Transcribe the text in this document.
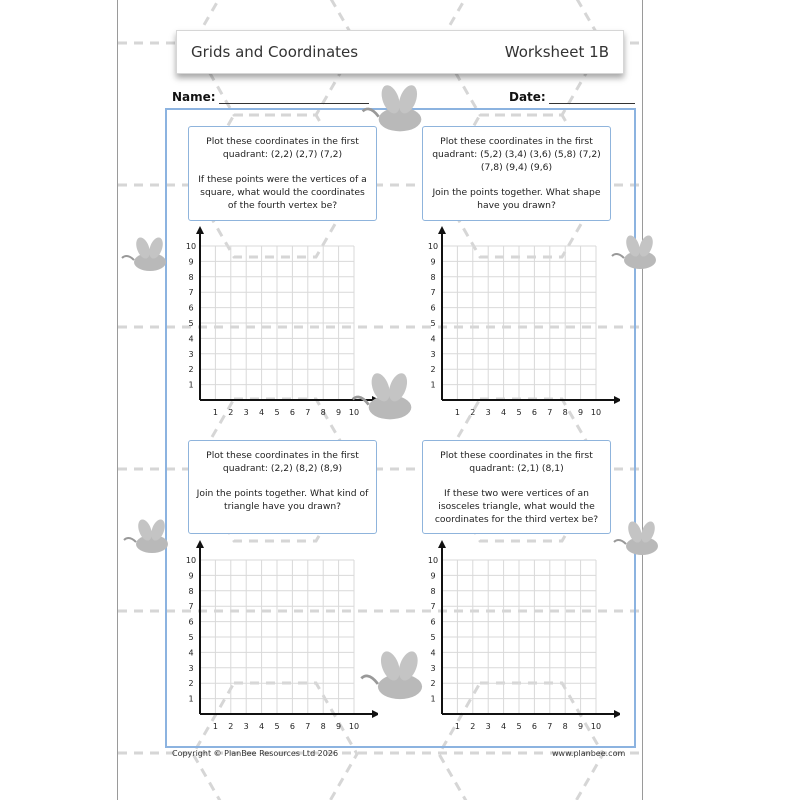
Grids and Coordinates	Worksheet 1B
Name:	Date:

Plot these coordinates in the first quadrant: (2,2) (2,7) (7,2)

If these points were the vertices of a square, what would the coordinates of the fourth vertex be?

Plot these coordinates in the first quadrant: (5,2) (3,4) (3,6) (5,8) (7,2) (7,8) (9,4) (9,6)

Join the points together. What shape have you drawn?

Plot these coordinates in the first quadrant: (2,2) (8,2) (8,9)

Join the points together. What kind of triangle have you drawn?

Plot these coordinates in the first quadrant: (2,1) (8,1)

If these two were vertices of an isosceles triangle, what would the coordinates for the third vertex be?

1 2 3 4 5 6 7 8 9 10
1
2
3
4
5
6
7
8
9
10
1 2 3 4 5 6 7 8 9 10
1
2
3
4
5
6
7
8
9
10
1 2 3 4 5 6 7 8 9 10
1
2
3
4
5
6
7
8
9
10
1 2 3 4 5 6 7 8 9 10
1
2
3
4
5
6
7
8
9
10
Copyright © PlanBee Resources Ltd 2026	www.planbee.com
